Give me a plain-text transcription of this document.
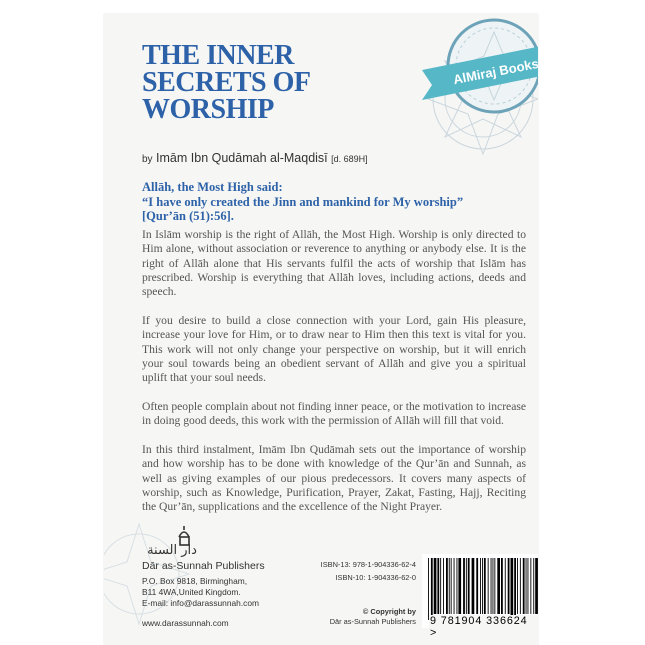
THE INNER
SECRETS OF
WORSHIP
AlMiraj Books
by Imām Ibn Qudāmah al-Maqdisī [d. 689H]

Allāh, the Most High said:

“I have only created the Jinn and mankind for My worship”

[Qur’ān (51):56].

In Islām worship is the right of Allāh, the Most High. Worship is only directed to Him alone, without association or reverence to anything or anybody else. It is the right of Allāh alone that His servants fulfil the acts of worship that Islām has prescribed. Worship is everything that Allāh loves, including actions, deeds and speech.

If you desire to build a close connection with your Lord, gain His pleasure, increase your love for Him, or to draw near to Him then this text is vital for you. This work will not only change your perspective on worship, but it will enrich your soul towards being an obedient servant of Allāh and give you a spiritual uplift that your soul needs.

Often people complain about not finding inner peace, or the motivation to increase in doing good deeds, this work with the permission of Allāh will fill that void.

In this third instalment, Imām Ibn Qudāmah sets out the importance of worship and how worship has to be done with knowledge of the Qur’ān and Sunnah, as well as giving examples of our pious predecessors. It covers many aspects of worship, such as Knowledge, Purification, Prayer, Zakat, Fasting, Hajj, Reciting the Qur’ān, supplications and the excellence of the Night Prayer.

دار السنة
Dār as-Sunnah Publishers
P.O. Box 9818, Birmingham,
B11 4WA,United Kingdom.
E-mail: info@darassunnah.com
www.darassunnah.com
ISBN-13: 978-1-904336-62-4
ISBN-10: 1-904336-62-0
© Copyright by
Dār as-Sunnah Publishers 9 781904 336624 >
